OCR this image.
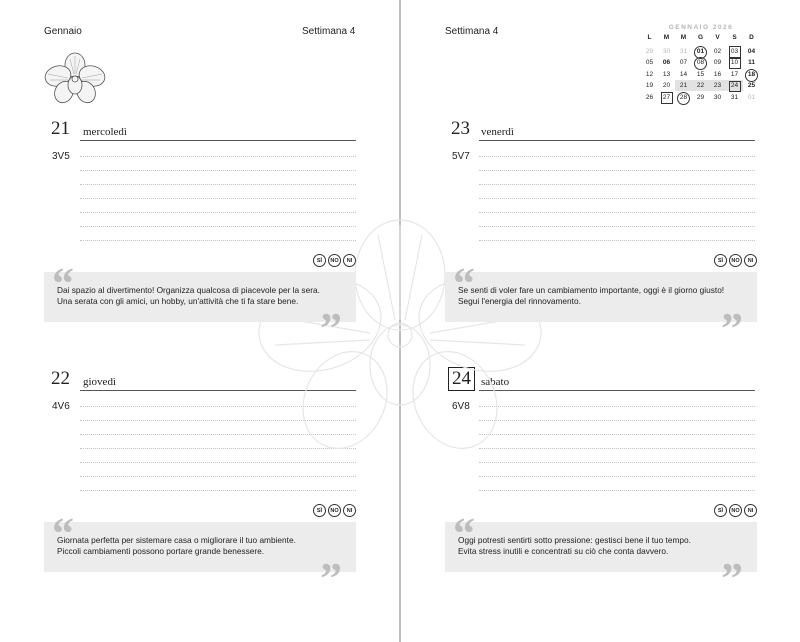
Gennaio	Settimana 4
21 mercoledì
3V5
SÌ	NO	NI
“

Dai spazio al divertimento! Organizza qualcosa di piacevole per la sera.
Una serata con gli amici, un hobby, un'attività che ti fa stare bene.

”
22 giovedì
4V6
SÌ	NO	NI
“

Giornata perfetta per sistemare casa o migliorare il tuo ambiente.
Piccoli cambiamenti possono portare grande benessere.

”
Settimana 4	GENNAIO 2026
L	M	M	G	V	S	D
29	30	31	01	02	03	04
05	06	07	08	09	10	11
12	13	14	15	16	17	18
19	20	21	22	23	24	25
26	27	28	29	30	31	01
23 venerdì
5V7
SÌ	NO	NI
“

Se senti di voler fare un cambiamento importante, oggi è il giorno giusto!
Segui l'energia del rinnovamento.

”
24 sabato
6V8
SÌ	NO	NI
“

Oggi potresti sentirti sotto pressione: gestisci bene il tuo tempo.
Evita stress inutili e concentrati su ciò che conta davvero.

”
